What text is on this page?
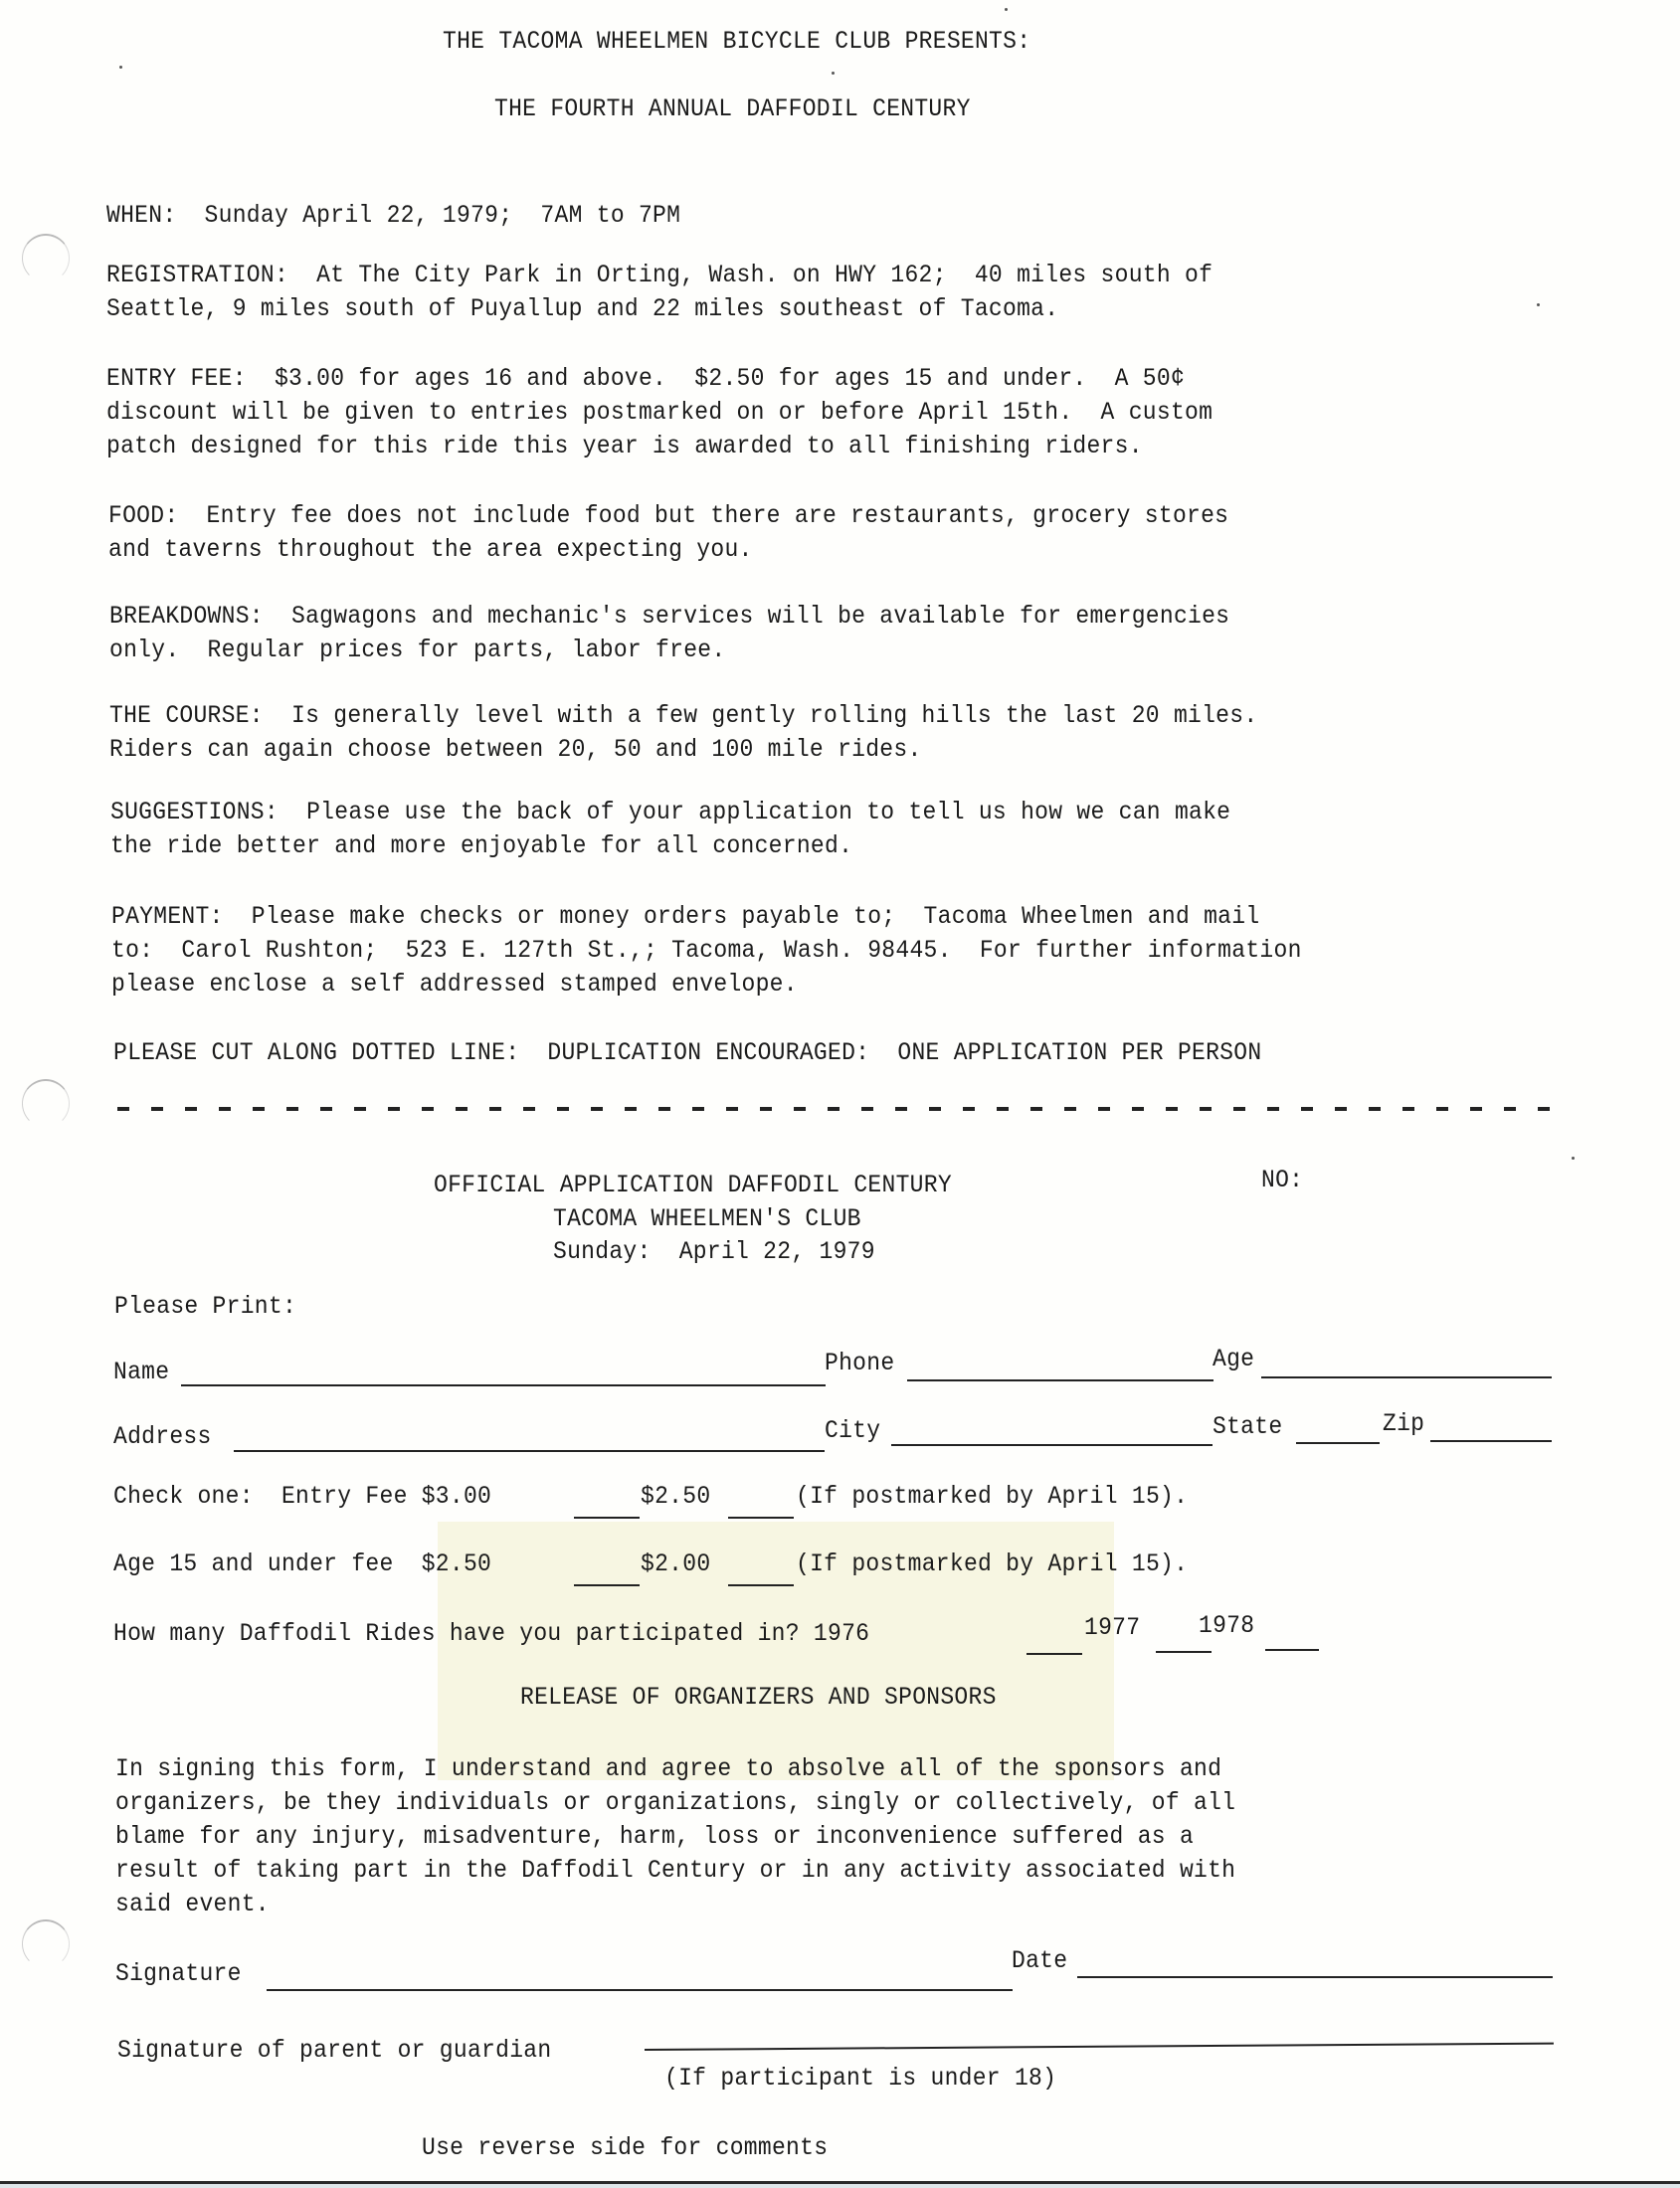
THE TACOMA WHEELMEN BICYCLE CLUB PRESENTS:
THE FOURTH ANNUAL DAFFODIL CENTURY
WHEN:  Sunday April 22, 1979;  7AM to 7PM
REGISTRATION:  At The City Park in Orting, Wash. on HWY 162;  40 miles south of
Seattle, 9 miles south of Puyallup and 22 miles southeast of Tacoma.
ENTRY FEE:  $3.00 for ages 16 and above.  $2.50 for ages 15 and under.  A 50¢
discount will be given to entries postmarked on or before April 15th.  A custom
patch designed for this ride this year is awarded to all finishing riders.
FOOD:  Entry fee does not include food but there are restaurants, grocery stores
and taverns throughout the area expecting you.
BREAKDOWNS:  Sagwagons and mechanic's services will be available for emergencies
only.  Regular prices for parts, labor free.
THE COURSE:  Is generally level with a few gently rolling hills the last 20 miles.
Riders can again choose between 20, 50 and 100 mile rides.
SUGGESTIONS:  Please use the back of your application to tell us how we can make
the ride better and more enjoyable for all concerned.
PAYMENT:  Please make checks or money orders payable to;  Tacoma Wheelmen and mail
to:  Carol Rushton;  523 E. 127th St.,; Tacoma, Wash. 98445.  For further information
please enclose a self addressed stamped envelope.
PLEASE CUT ALONG DOTTED LINE:  DUPLICATION ENCOURAGED:  ONE APPLICATION PER PERSON
OFFICIAL APPLICATION DAFFODIL CENTURY	NO:
TACOMA WHEELMEN'S CLUB
Sunday:  April 22, 1979
Please Print:
Name	Phone	Age
Address	City	State	Zip
Check one:  Entry Fee $3.00	$2.50	(If postmarked by April 15).
Age 15 and under fee  $2.50	$2.00	(If postmarked by April 15).
How many Daffodil Rides have you participated in? 1976	1977 1978
RELEASE OF ORGANIZERS AND SPONSORS
In signing this form, I understand and agree to absolve all of the sponsors and
organizers, be they individuals or organizations, singly or collectively, of all
blame for any injury, misadventure, harm, loss or inconvenience suffered as a
result of taking part in the Daffodil Century or in any activity associated with
said event.
Signature	Date
Signature of parent or guardian
(If participant is under 18)
Use reverse side for comments
